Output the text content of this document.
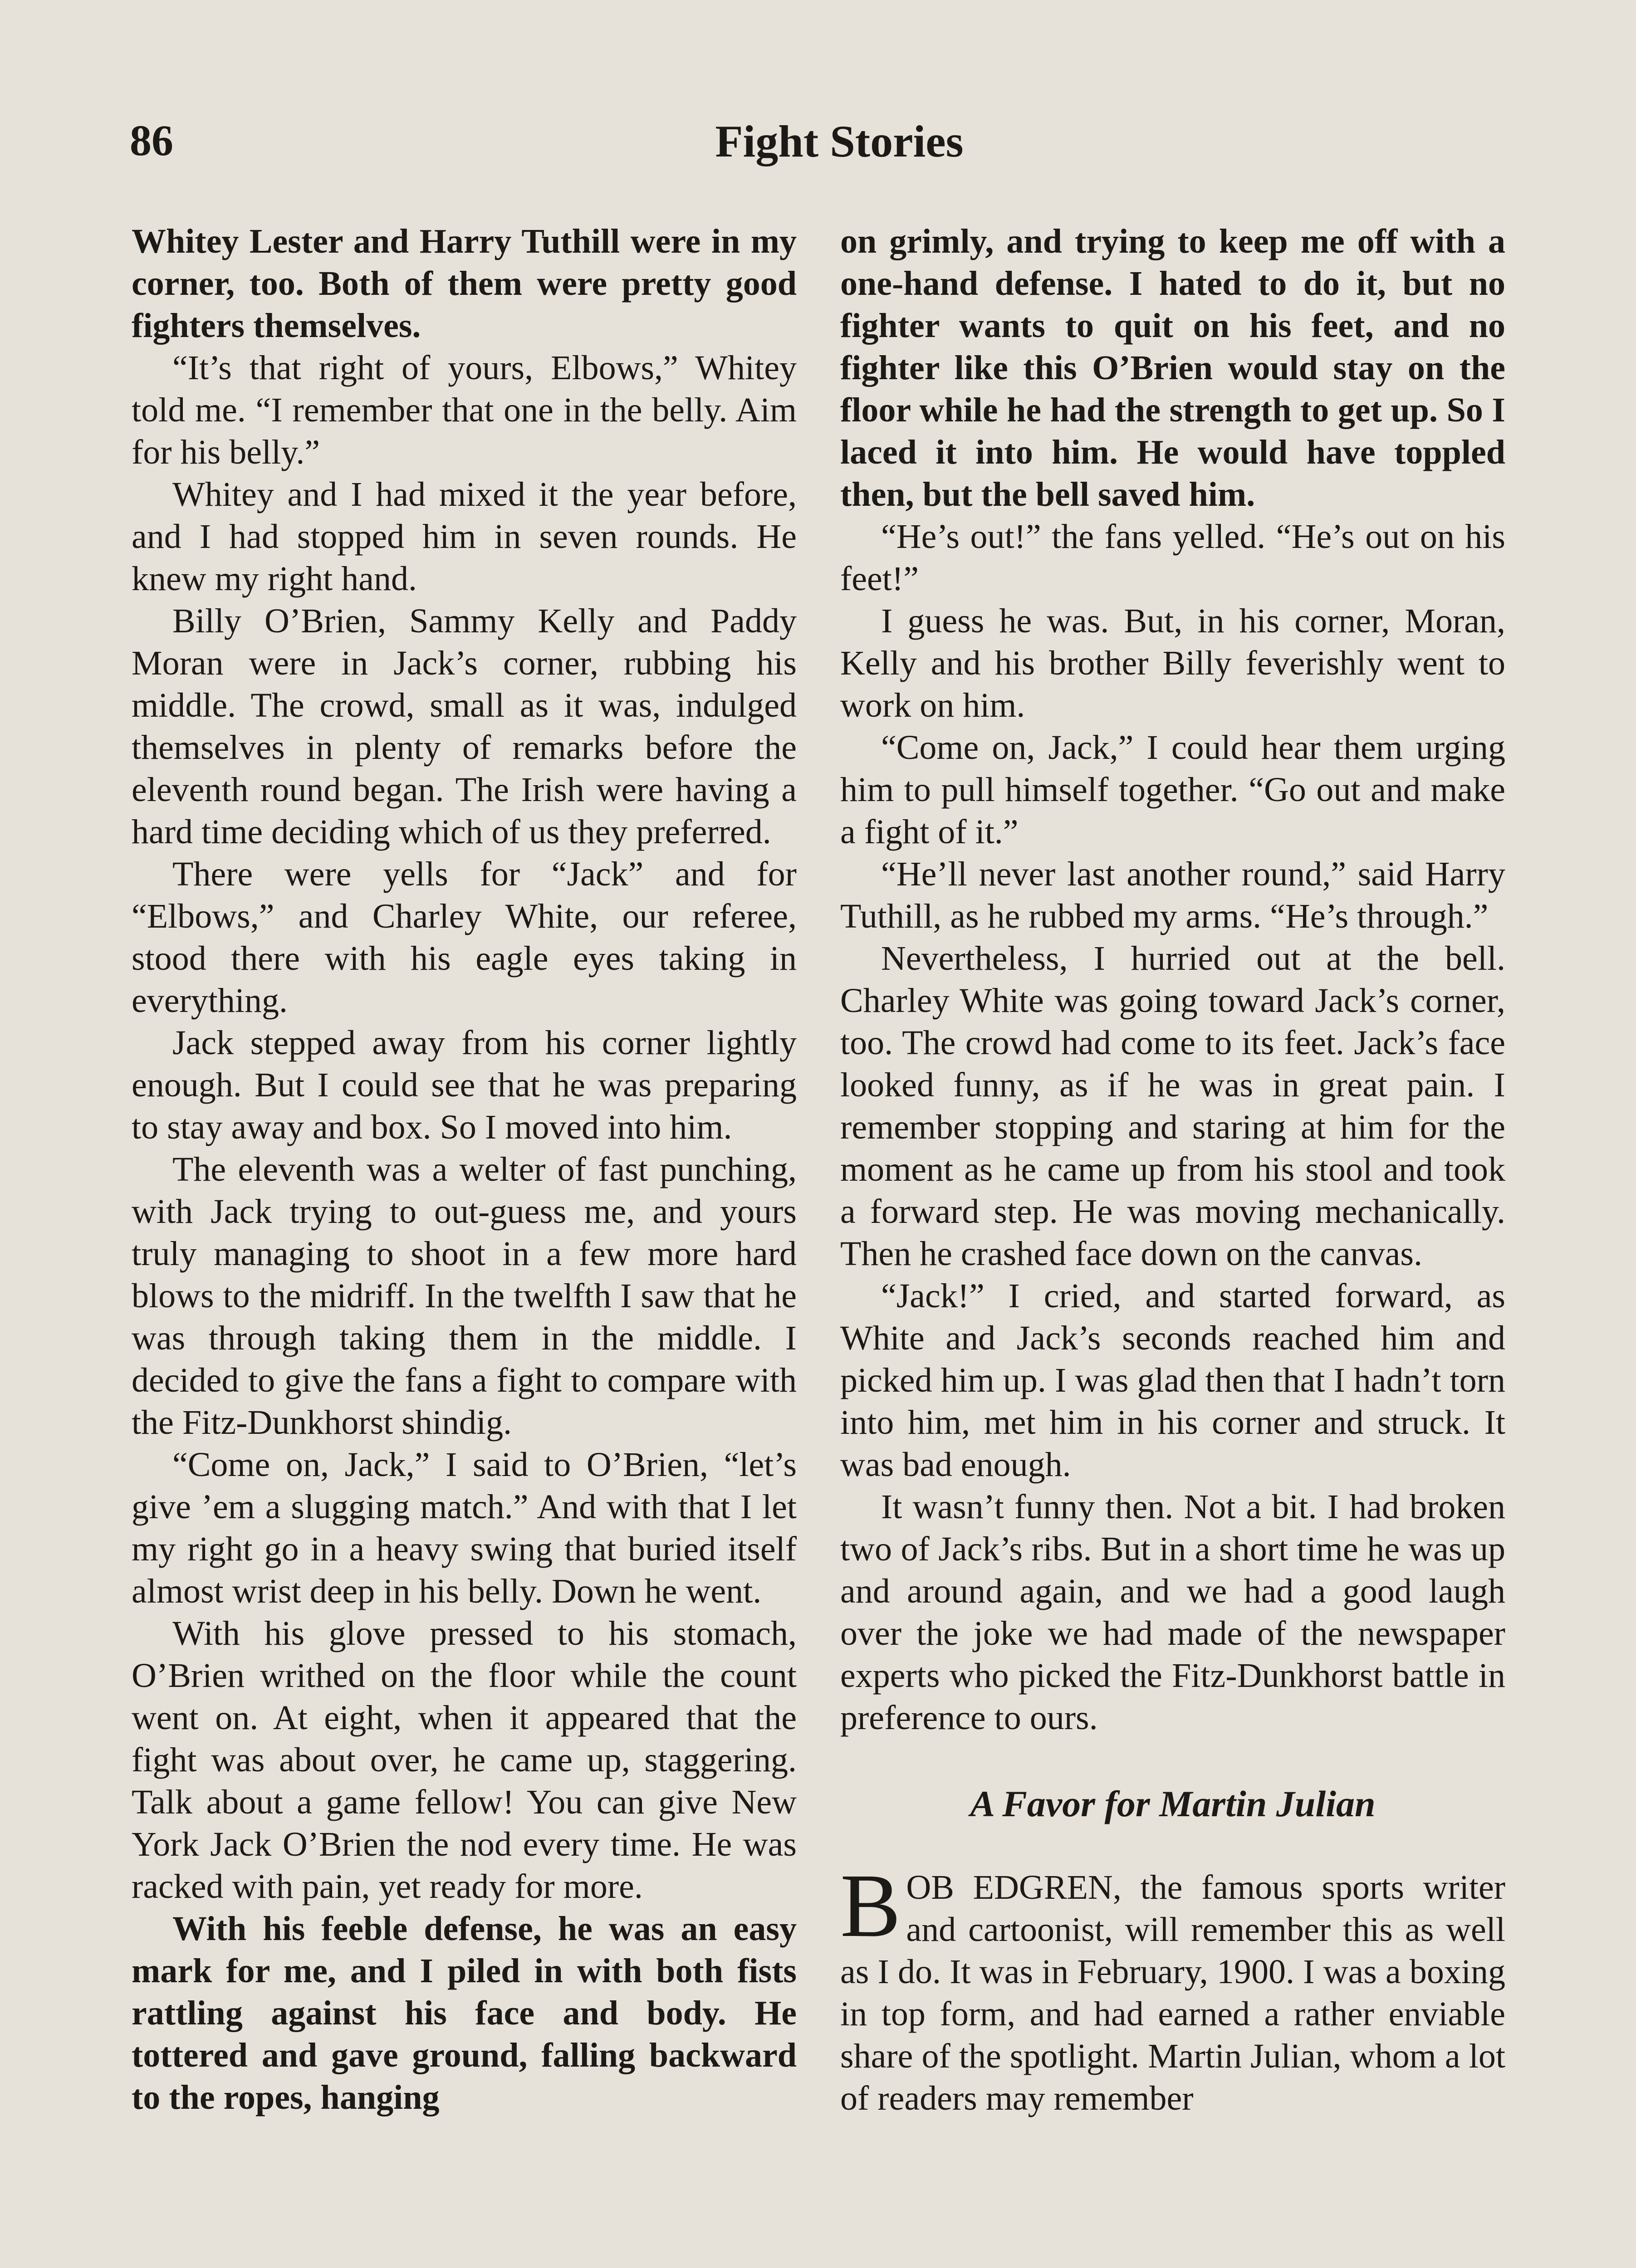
86	Fight Stories

Whitey Lester and Harry Tuthill were in my corner, too. Both of them were pretty good fighters themselves.

“It’s that right of yours, Elbows,” Whitey told me. “I remember that one in the belly. Aim for his belly.”

Whitey and I had mixed it the year before, and I had stopped him in seven rounds. He knew my right hand.

Billy O’Brien, Sammy Kelly and Paddy Moran were in Jack’s corner, rubbing his middle. The crowd, small as it was, indulged themselves in plenty of remarks before the eleventh round began. The Irish were having a hard time deciding which of us they preferred.

There were yells for “Jack” and for “Elbows,” and Charley White, our referee, stood there with his eagle eyes taking in everything.

Jack stepped away from his corner lightly enough. But I could see that he was preparing to stay away and box. So I moved into him.

The eleventh was a welter of fast punching, with Jack trying to out-guess me, and yours truly managing to shoot in a few more hard blows to the midriff. In the twelfth I saw that he was through taking them in the middle. I decided to give the fans a fight to compare with the Fitz-Dunkhorst shindig.

“Come on, Jack,” I said to O’Brien, “let’s give ’em a slugging match.” And with that I let my right go in a heavy swing that buried itself almost wrist deep in his belly. Down he went.

With his glove pressed to his stomach, O’Brien writhed on the floor while the count went on. At eight, when it appeared that the fight was about over, he came up, staggering. Talk about a game fellow! You can give New York Jack O’Brien the nod every time. He was racked with pain, yet ready for more.

With his feeble defense, he was an easy mark for me, and I piled in with both fists rattling against his face and body. He tottered and gave ground, falling backward to the ropes, hanging

on grimly, and trying to keep me off with a one-hand defense. I hated to do it, but no fighter wants to quit on his feet, and no fighter like this O’Brien would stay on the floor while he had the strength to get up. So I laced it into him. He would have toppled then, but the bell saved him.

“He’s out!” the fans yelled. “He’s out on his feet!”

I guess he was. But, in his corner, Moran, Kelly and his brother Billy feverishly went to work on him.

“Come on, Jack,” I could hear them urging him to pull himself together. “Go out and make a fight of it.”

“He’ll never last another round,” said Harry Tuthill, as he rubbed my arms. “He’s through.”

Nevertheless, I hurried out at the bell. Charley White was going toward Jack’s corner, too. The crowd had come to its feet. Jack’s face looked funny, as if he was in great pain. I remember stopping and staring at him for the moment as he came up from his stool and took a forward step. He was moving mechanically. Then he crashed face down on the canvas.

“Jack!” I cried, and started forward, as White and Jack’s seconds reached him and picked him up. I was glad then that I hadn’t torn into him, met him in his corner and struck. It was bad enough.

It wasn’t funny then. Not a bit. I had broken two of Jack’s ribs. But in a short time he was up and around again, and we had a good laugh over the joke we had made of the newspaper experts who picked the Fitz-Dunkhorst battle in preference to ours.

A Favor for Martin Julian

BOB EDGREN, the famous sports writer and cartoonist, will remember this as well as I do. It was in February, 1900. I was a boxing in top form, and had earned a rather enviable share of the spotlight. Martin Julian, whom a lot of readers may remember
